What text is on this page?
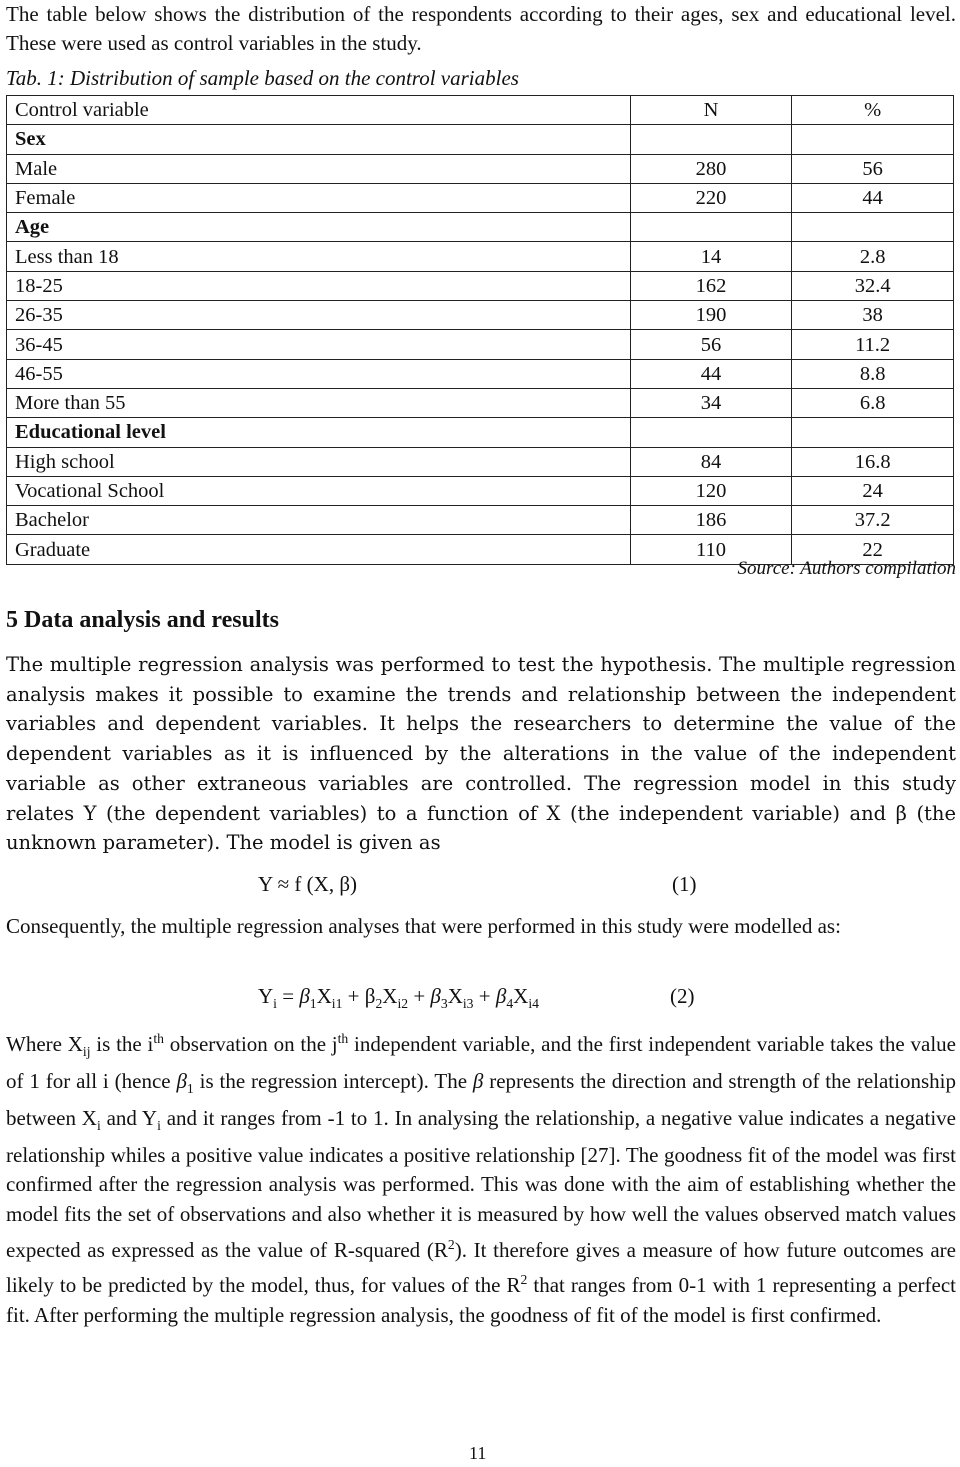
The table below shows the distribution of the respondents according to their ages, sex and educational level. These were used as control variables in the study.
Tab. 1: Distribution of sample based on the control variables
Control variable	N	%
Sex		
Male	280	56
Female	220	44
Age		
Less than 18	14	2.8
18-25	162	32.4
26-35	190	38
36-45	56	11.2
46-55	44	8.8
More than 55	34	6.8
Educational level		
High school	84	16.8
Vocational School	120	24
Bachelor	186	37.2
Graduate	110	22
Source: Authors compilation
5 Data analysis and results
The multiple regression analysis was performed to test the hypothesis. The multiple regression analysis makes it possible to examine the trends and relationship between the independent variables and dependent variables. It helps the researchers to determine the value of the dependent variables as it is influenced by the alterations in the value of the independent variable as other extraneous variables are controlled. The regression model in this study relates Y (the dependent variables) to a function of X (the independent variable) and β (the unknown parameter). The model is given as
Y ≈ f (X, β)	(1)
Consequently, the multiple regression analyses that were performed in this study were modelled as:
$Y_i = \beta_1X_{i1} + \beta_2X_{i2} + \beta_3X_{i3} + \beta_4X_{i4}$	(2)
Where $X_{ij}$ is the $i^{th}$ observation on the $j^{th}$ independent variable, and the first independent variable takes the value of 1 for all i (hence $\beta_1$ is the regression intercept). The β represents the direction and strength of the relationship between $X_i$ and $Y_i$ and it ranges from -1 to 1. In analysing the relationship, a negative value indicates a negative relationship whiles a positive value indicates a positive relationship [27]. The goodness fit of the model was first confirmed after the regression analysis was performed. This was done with the aim of establishing whether the model fits the set of observations and also whether it is measured by how well the values observed match values expected as expressed as the value of R-squared $(R^2)$. It therefore gives a measure of how future outcomes are likely to be predicted by the model, thus, for values of the $R^2$ that ranges from 0-1 with 1 representing a perfect fit. After performing the multiple regression analysis, the goodness of fit of the model is first confirmed.
11
